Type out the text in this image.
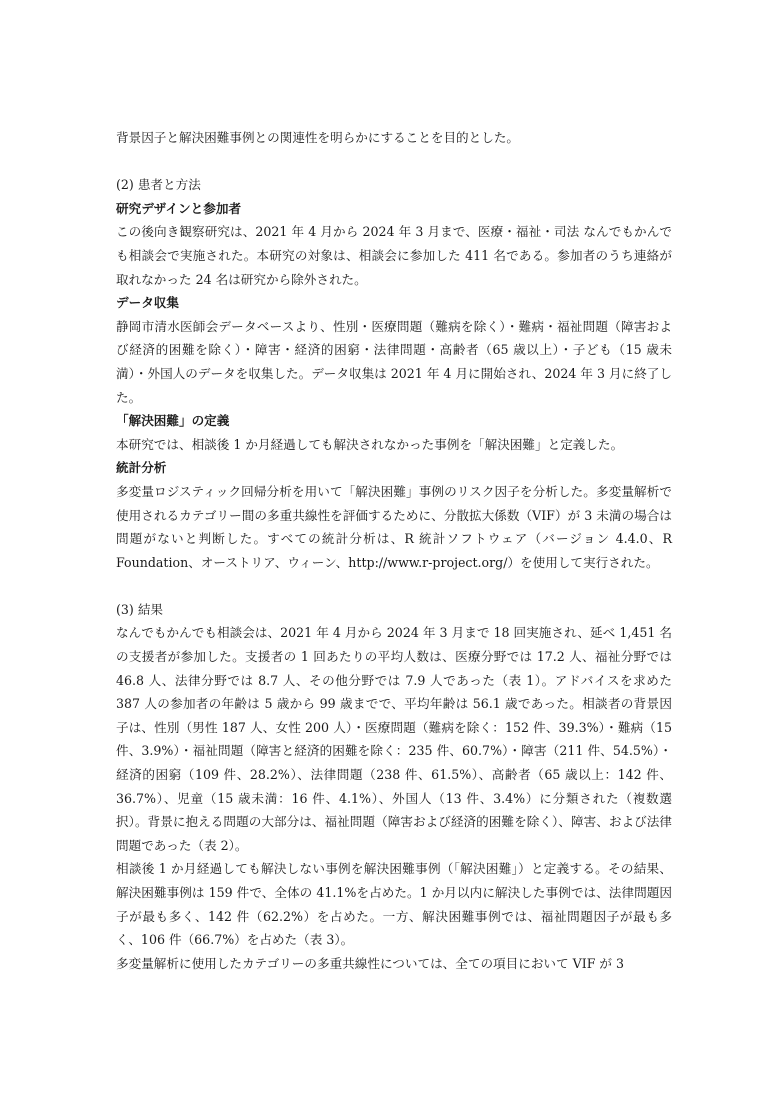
背景因子と解決困難事例との関連性を明らかにすることを目的とした。

(2) 患者と方法

研究デザインと参加者

この後向き観察研究は、2021 年 4 月から 2024 年 3 月まで、医療・福祉・司法 なんでもかんでも相談会で実施された。本研究の対象は、相談会に参加した 411 名である。参加者のうち連絡が取れなかった 24 名は研究から除外された。

データ収集

静岡市清水医師会データベースより、性別・医療問題（難病を除く）・難病・福祉問題（障害および経済的困難を除く）・障害・経済的困窮・法律問題・高齢者（65 歳以上）・子ども（15 歳未満）・外国人のデータを収集した。データ収集は 2021 年 4 月に開始され、2024 年 3 月に終了した。

「解決困難」の定義

本研究では、相談後 1 か月経過しても解決されなかった事例を「解決困難」と定義した。

統計分析

多変量ロジスティック回帰分析を用いて「解決困難」事例のリスク因子を分析した。多変量解析で使用されるカテゴリー間の多重共線性を評価するために、分散拡大係数（VIF）が 3 未満の場合は問題がないと判断した。すべての統計分析は、R 統計ソフトウェア（バージョン 4.4.0、R Foundation、オーストリア、ウィーン、http://www.r-project.org/）を使用して実行された。

(3) 結果

なんでもかんでも相談会は、2021 年 4 月から 2024 年 3 月まで 18 回実施され、延べ 1,451 名の支援者が参加した。支援者の 1 回あたりの平均人数は、医療分野では 17.2 人、福祉分野では 46.8 人、法律分野では 8.7 人、その他分野では 7.9 人であった（表 1）。アドバイスを求めた 387 人の参加者の年齢は 5 歳から 99 歳までで、平均年齢は 56.1 歳であった。相談者の背景因子は、性別（男性 187 人、女性 200 人）・医療問題（難病を除く：152 件、39.3%）・難病（15 件、3.9%）・福祉問題（障害と経済的困難を除く：235 件、60.7%）・障害（211 件、54.5%）・経済的困窮（109 件、28.2%）、法律問題（238 件、61.5%）、高齢者（65 歳以上：142 件、36.7%）、児童（15 歳未満：16 件、4.1%）、外国人（13 件、3.4%）に分類された（複数選択）。背景に抱える問題の大部分は、福祉問題（障害および経済的困難を除く）、障害、および法律問題であった（表 2）。

相談後 1 か月経過しても解決しない事例を解決困難事例（「解決困難」）と定義する。その結果、解決困難事例は 159 件で、全体の 41.1%を占めた。1 か月以内に解決した事例では、法律問題因子が最も多く、142 件（62.2%）を占めた。一方、解決困難事例では、福祉問題因子が最も多く、106 件（66.7%）を占めた（表 3）。

多変量解析に使用したカテゴリーの多重共線性については、全ての項目において VIF が 3
